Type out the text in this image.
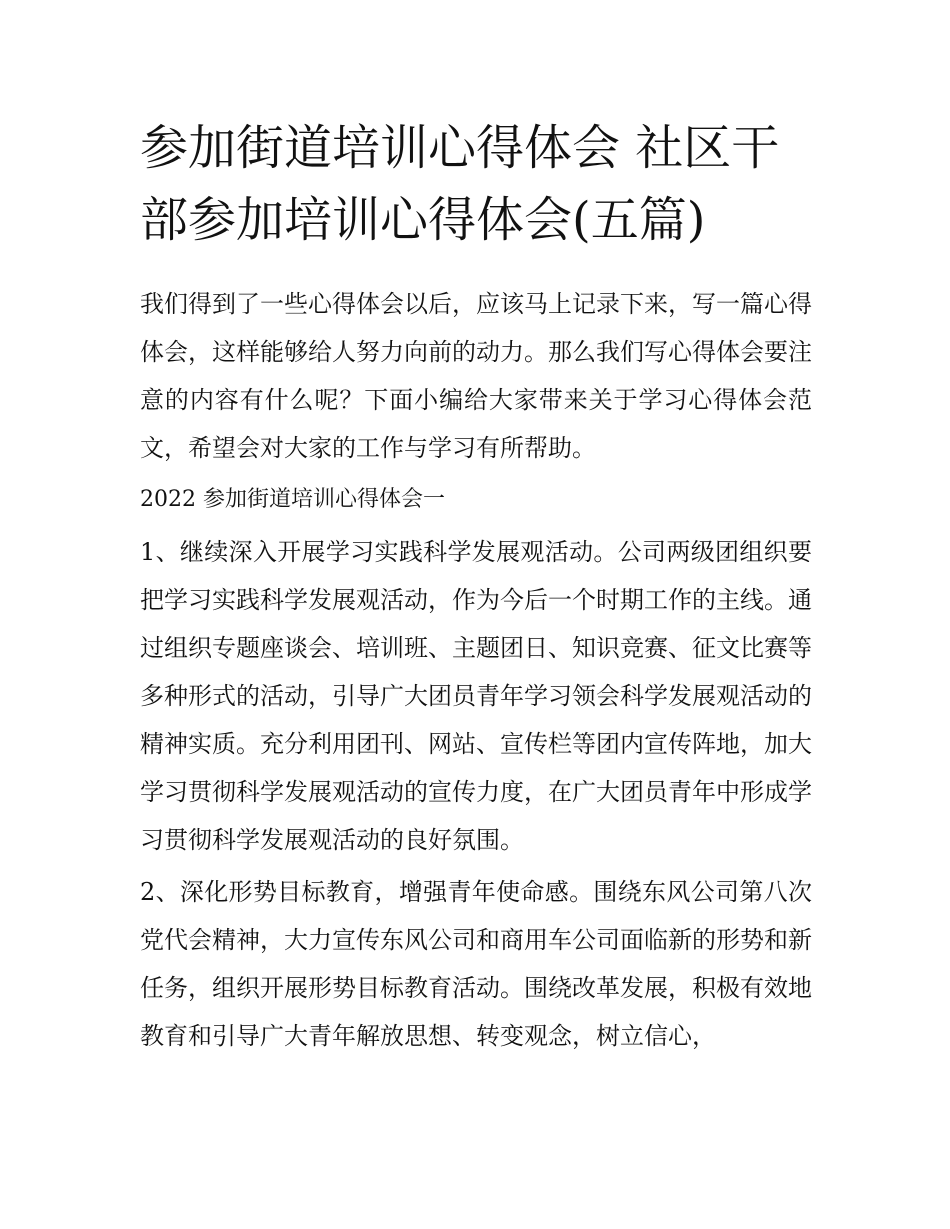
参加街道培训心得体会 社区干部参加培训心得体会(五篇)

我们得到了一些心得体会以后，应该马上记录下来，写一篇心得体会，这样能够给人努力向前的动力。那么我们写心得体会要注意的内容有什么呢？下面小编给大家带来关于学习心得体会范文，希望会对大家的工作与学习有所帮助。

2022 参加街道培训心得体会一

1、继续深入开展学习实践科学发展观活动。公司两级团组织要把学习实践科学发展观活动，作为今后一个时期工作的主线。通过组织专题座谈会、培训班、主题团日、知识竞赛、征文比赛等多种形式的活动，引导广大团员青年学习领会科学发展观活动的精神实质。充分利用团刊、网站、宣传栏等团内宣传阵地，加大学习贯彻科学发展观活动的宣传力度，在广大团员青年中形成学习贯彻科学发展观活动的良好氛围。

2、深化形势目标教育，增强青年使命感。围绕东风公司第八次党代会精神，大力宣传东风公司和商用车公司面临新的形势和新任务，组织开展形势目标教育活动。围绕改革发展，积极有效地教育和引导广大青年解放思想、转变观念，树立信心，
